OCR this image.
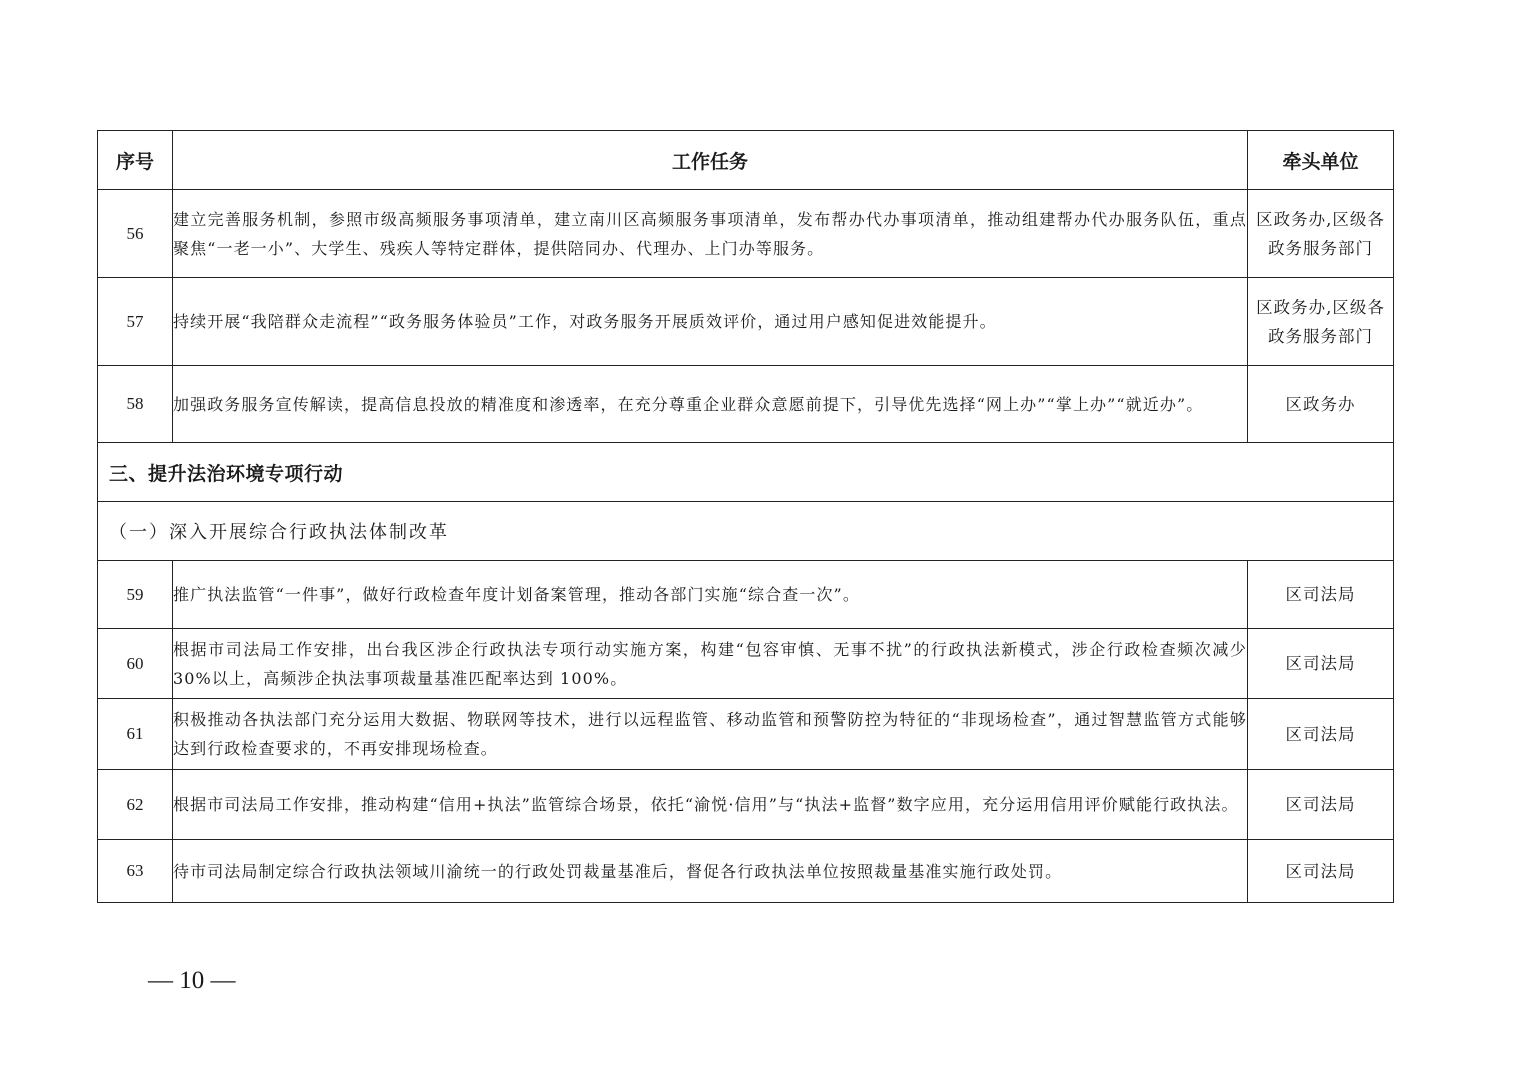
序号	工作任务	牵头单位
56	建立完善服务机制，参照市级高频服务事项清单，建立南川区高频服务事项清单，发布帮办代办事项清单，推动组建帮办代办服务队伍，重点聚焦“一老一小”、大学生、残疾人等特定群体，提供陪同办、代理办、上门办等服务。	区政务办,区级各政务服务部门
57	持续开展“我陪群众走流程”“政务服务体验员”工作，对政务服务开展质效评价，通过用户感知促进效能提升。	区政务办,区级各政务服务部门
58	加强政务服务宣传解读，提高信息投放的精准度和渗透率，在充分尊重企业群众意愿前提下，引导优先选择“网上办”“掌上办”“就近办”。	区政务办
三、提升法治环境专项行动		
（一）深入开展综合行政执法体制改革		
59	推广执法监管“一件事”，做好行政检查年度计划备案管理，推动各部门实施“综合查一次”。	区司法局
60	根据市司法局工作安排，出台我区涉企行政执法专项行动实施方案，构建“包容审慎、无事不扰”的行政执法新模式，涉企行政检查频次减少 30%以上，高频涉企执法事项裁量基准匹配率达到 100%。	区司法局
61	积极推动各执法部门充分运用大数据、物联网等技术，进行以远程监管、移动监管和预警防控为特征的“非现场检查”，通过智慧监管方式能够达到行政检查要求的，不再安排现场检查。	区司法局
62	根据市司法局工作安排，推动构建“信用+执法”监管综合场景，依托“渝悦·信用”与“执法+监督”数字应用，充分运用信用评价赋能行政执法。	区司法局
63	待市司法局制定综合行政执法领域川渝统一的行政处罚裁量基准后，督促各行政执法单位按照裁量基准实施行政处罚。	区司法局
— 10 —
